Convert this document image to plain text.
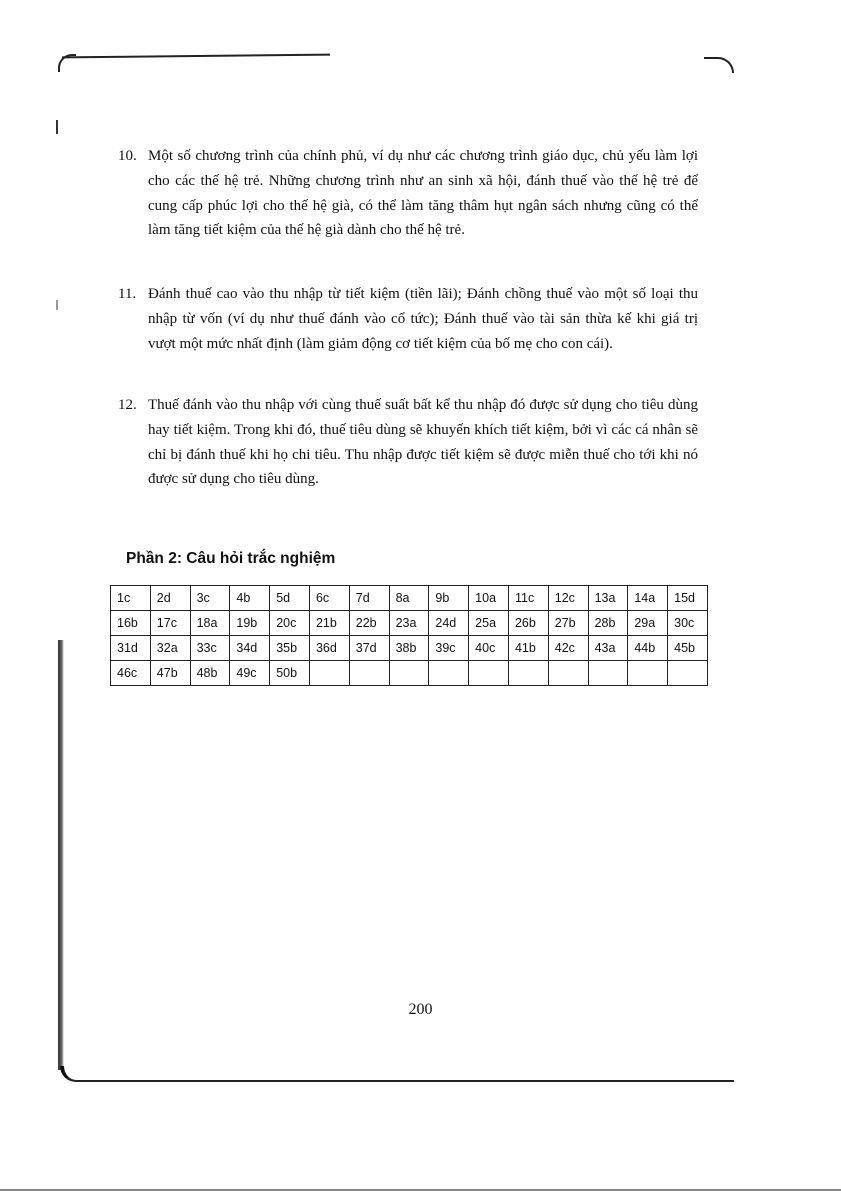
10. Một số chương trình của chính phủ, ví dụ như các chương trình giáo dục, chủ yếu làm lợi cho các thế hệ trẻ. Những chương trình như an sinh xã hội, đánh thuế vào thế hệ trẻ để cung cấp phúc lợi cho thế hệ già, có thể làm tăng thâm hụt ngân sách nhưng cũng có thể làm tăng tiết kiệm của thế hệ già dành cho thế hệ trẻ.
11. Đánh thuế cao vào thu nhập từ tiết kiệm (tiền lãi); Đánh chồng thuế vào một số loại thu nhập từ vốn (ví dụ như thuế đánh vào cổ tức); Đánh thuế vào tài sản thừa kế khi giá trị vượt một mức nhất định (làm giảm động cơ tiết kiệm của bố mẹ cho con cái).
12. Thuế đánh vào thu nhập với cùng thuế suất bất kể thu nhập đó được sử dụng cho tiêu dùng hay tiết kiệm. Trong khi đó, thuế tiêu dùng sẽ khuyến khích tiết kiệm, bởi vì các cá nhân sẽ chỉ bị đánh thuế khi họ chi tiêu. Thu nhập được tiết kiệm sẽ được miễn thuế cho tới khi nó được sử dụng cho tiêu dùng.
Phần 2: Câu hỏi trắc nghiệm
1c	2d	3c	4b	5d	6c	7d	8a	9b	10a	11c	12c	13a	14a	15d
16b	17c	18a	19b	20c	21b	22b	23a	24d	25a	26b	27b	28b	29a	30c
31d	32a	33c	34d	35b	36d	37d	38b	39c	40c	41b	42c	43a	44b	45b
46c	47b	48b	49c	50b										
200
